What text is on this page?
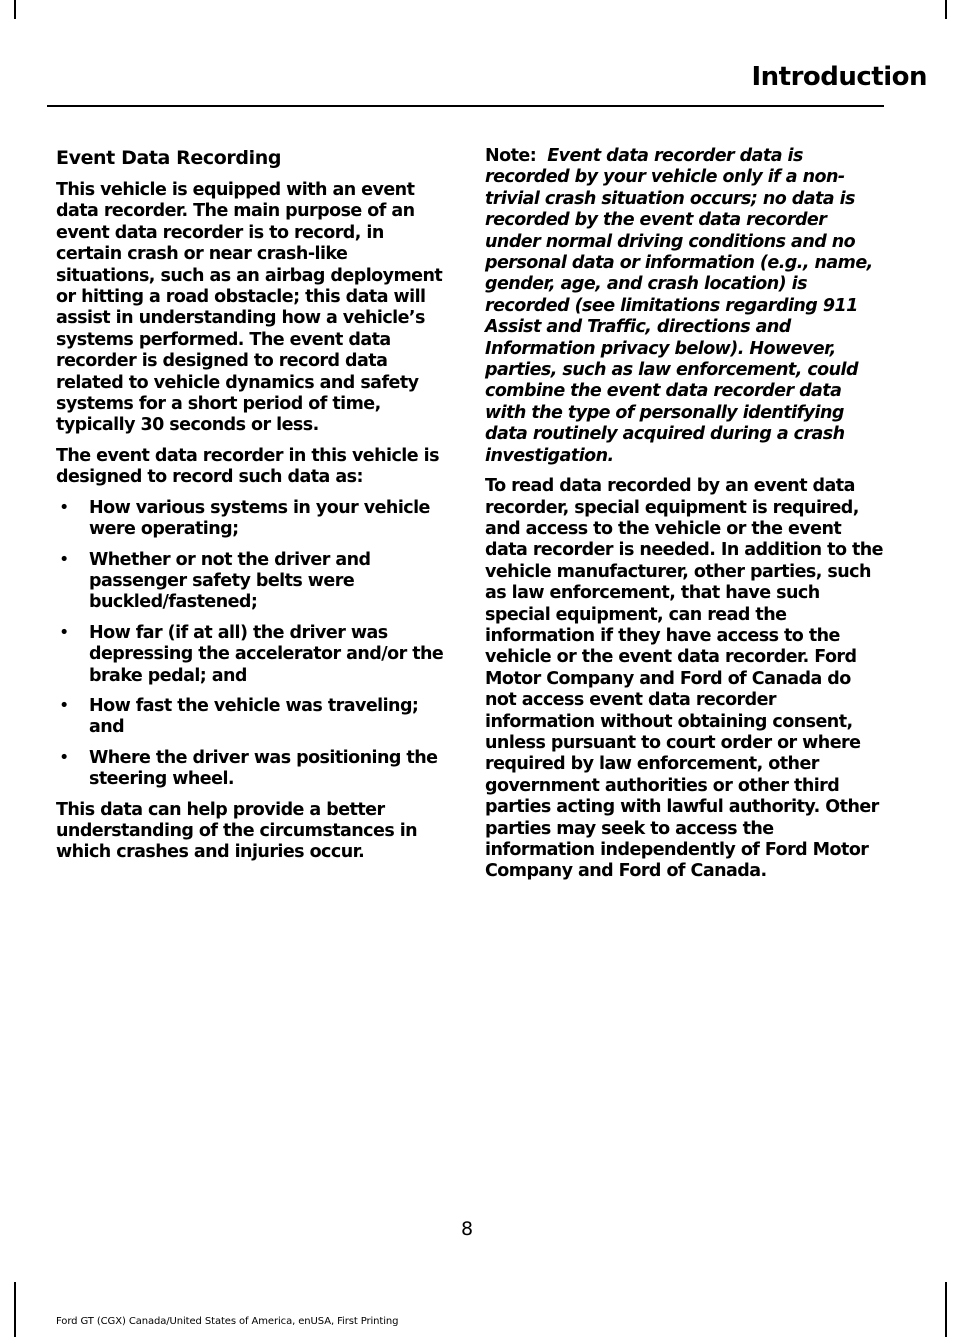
Introduction

Event Data Recording

This vehicle is equipped with an event data recorder. The main purpose of an event data recorder is to record, in certain crash or near crash-like situations, such as an airbag deployment or hitting a road obstacle; this data will assist in understanding how a vehicle’s systems performed. The event data recorder is designed to record data related to vehicle dynamics and safety systems for a short period of time, typically 30 seconds or less.

The event data recorder in this vehicle is designed to record such data as:

• How various systems in your vehicle were operating;
• Whether or not the driver and passenger safety belts were buckled/fastened;
• How far (if at all) the driver was depressing the accelerator and/or the brake pedal; and
• How fast the vehicle was traveling; and
• Where the driver was positioning the steering wheel.

This data can help provide a better understanding of the circumstances in which crashes and injuries occur.

Note: Event data recorder data is recorded by your vehicle only if a non-trivial crash situation occurs; no data is recorded by the event data recorder under normal driving conditions and no personal data or information (e.g., name, gender, age, and crash location) is recorded (see limitations regarding 911 Assist and Traffic, directions and Information privacy below). However, parties, such as law enforcement, could combine the event data recorder data with the type of personally identifying data routinely acquired during a crash investigation.

To read data recorded by an event data recorder, special equipment is required, and access to the vehicle or the event data recorder is needed. In addition to the vehicle manufacturer, other parties, such as law enforcement, that have such special equipment, can read the information if they have access to the vehicle or the event data recorder. Ford Motor Company and Ford of Canada do not access event data recorder information without obtaining consent, unless pursuant to court order or where required by law enforcement, other government authorities or other third parties acting with lawful authority. Other parties may seek to access the information independently of Ford Motor Company and Ford of Canada.

8
Ford GT (CGX) Canada/United States of America, enUSA, First Printing
